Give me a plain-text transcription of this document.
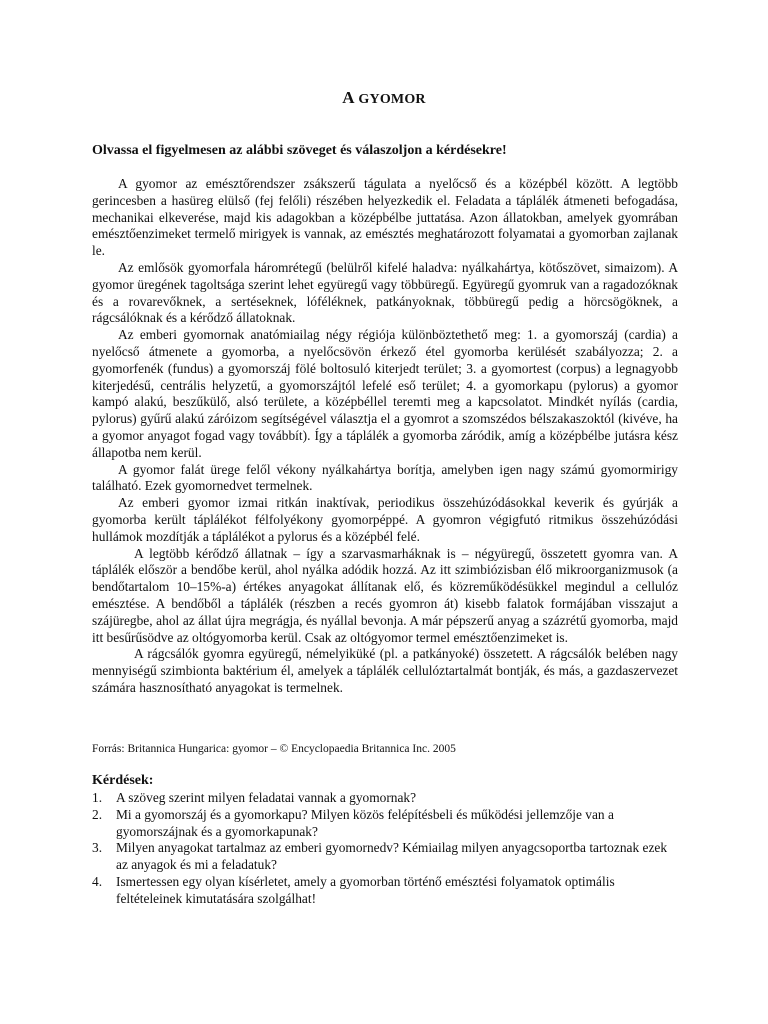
A GYOMOR
Olvassa el figyelmesen az alábbi szöveget és válaszoljon a kérdésekre!

A gyomor az emésztőrendszer zsákszerű tágulata a nyelőcső és a középbél között. A legtöbb gerincesben a hasüreg elülső (fej felőli) részében helyezkedik el. Feladata a táplálék átmeneti befogadása, mechanikai elkeverése, majd kis adagokban a középbélbe juttatása. Azon állatokban, amelyek gyomrában emésztőenzimeket termelő mirigyek is vannak, az emésztés meghatározott folyamatai a gyomorban zajlanak le.

Az emlősök gyomorfala háromrétegű (belülről kifelé haladva: nyálkahártya, kötőszövet, simaizom). A gyomor üregének tagoltsága szerint lehet együregű vagy többüregű. Együregű gyomruk van a ragadozóknak és a rovarevőknek, a sertéseknek, lóféléknek, patkányoknak, többüregű pedig a hörcsögöknek, a rágcsálóknak és a kérődző állatoknak.

Az emberi gyomornak anatómiailag négy régiója különböztethető meg: 1. a gyomorszáj (cardia) a nyelőcső átmenete a gyomorba, a nyelőcsövön érkező étel gyomorba kerülését szabályozza; 2. a gyomorfenék (fundus) a gyomorszáj fölé boltosuló kiterjedt terület; 3. a gyomortest (corpus) a legnagyobb kiterjedésű, centrális helyzetű, a gyomorszájtól lefelé eső terület; 4. a gyomorkapu (pylorus) a gyomor kampó alakú, beszűkülő, alsó területe, a középbéllel teremti meg a kapcsolatot. Mindkét nyílás (cardia, pylorus) gyűrű alakú záróizom segítségével választja el a gyomrot a szomszédos bélszakaszoktól (kivéve, ha a gyomor anyagot fogad vagy továbbít). Így a táplálék a gyomorba záródik, amíg a középbélbe jutásra kész állapotba nem kerül.

A gyomor falát ürege felől vékony nyálkahártya borítja, amelyben igen nagy számú gyomormirigy található. Ezek gyomornedvet termelnek.

Az emberi gyomor izmai ritkán inaktívak, periodikus összehúzódásokkal keverik és gyúrják a gyomorba került táplálékot félfolyékony gyomorpéppé. A gyomron végigfutó ritmikus összehúzódási hullámok mozdítják a táplálékot a pylorus és a középbél felé.

A legtöbb kérődző állatnak – így a szarvasmarháknak is – négyüregű, összetett gyomra van. A táplálék először a bendőbe kerül, ahol nyálka adódik hozzá. Az itt szimbiózisban élő mikroorganizmusok (a bendőtartalom 10–15%-a) értékes anyagokat állítanak elő, és közreműködésükkel megindul a cellulóz emésztése. A bendőből a táplálék (részben a recés gyomron át) kisebb falatok formájában visszajut a szájüregbe, ahol az állat újra megrágja, és nyállal bevonja. A már pépszerű anyag a százrétű gyomorba, majd itt besűrűsödve az oltógyomorba kerül. Csak az oltógyomor termel emésztőenzimeket is.

A rágcsálók gyomra együregű, némelyiküké (pl. a patkányoké) összetett. A rágcsálók belében nagy mennyiségű szimbionta baktérium él, amelyek a táplálék cellulóztartalmát bontják, és más, a gazdaszervezet számára hasznosítható anyagokat is termelnek.

Forrás: Britannica Hungarica: gyomor – © Encyclopaedia Britannica Inc. 2005
Kérdések:
1. A szöveg szerint milyen feladatai vannak a gyomornak?
2. Mi a gyomorszáj és a gyomorkapu? Milyen közös felépítésbeli és működési jellemzője van a gyomorszájnak és a gyomorkapunak?
3. Milyen anyagokat tartalmaz az emberi gyomornedv? Kémiailag milyen anyagcsoportba tartoznak ezek az anyagok és mi a feladatuk?
4. Ismertessen egy olyan kísérletet, amely a gyomorban történő emésztési folyamatok optimális feltételeinek kimutatására szolgálhat!
